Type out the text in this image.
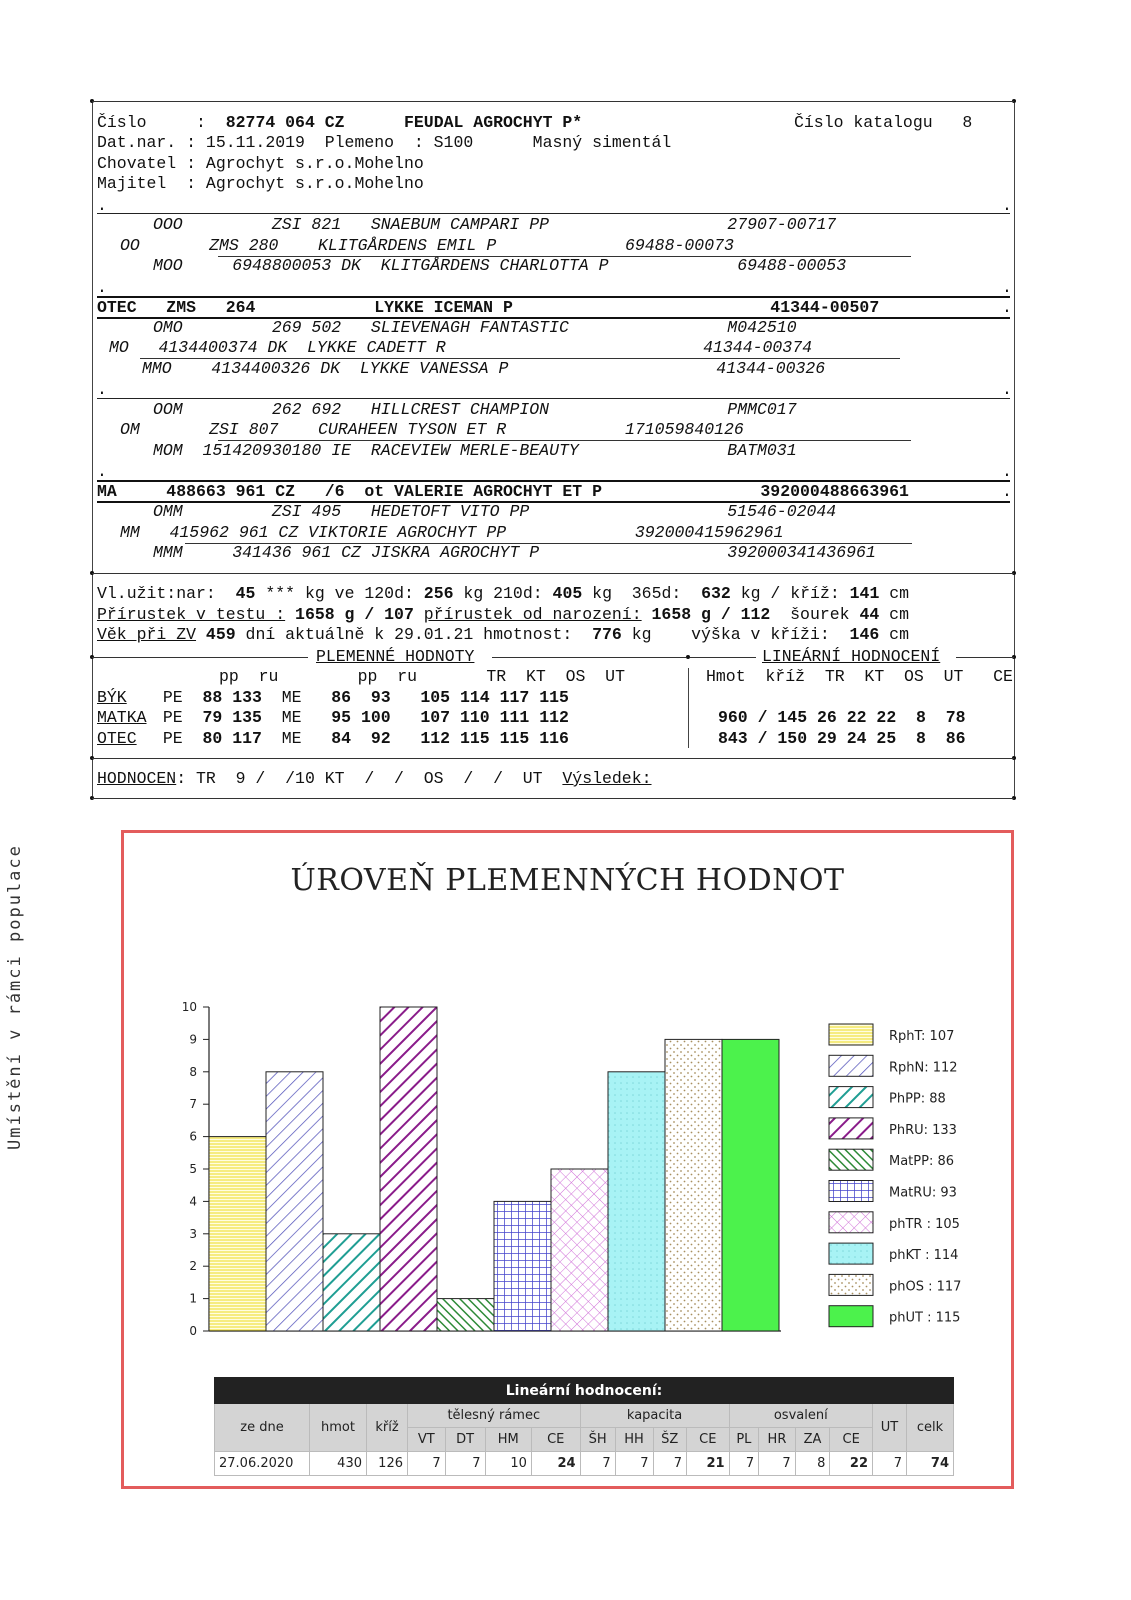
Číslo     : 82774 064 CZ	FEUDAL AGROCHYT P*	Číslo katalogu 8
Dat.nar. : 15.11.2019  Plemeno  : S100      Masný simentál
Chovatel : Agrochyt s.r.o.Mohelno
Majitel  : Agrochyt s.r.o.Mohelno
.	.
OOO         ZSI 821   SNAEBUM CAMPARI PP                  27907-00717
OO       ZMS 280    KLITGÅRDENS EMIL P             69488-00073
MOO     6948800053 DK  KLITGÅRDENS CHARLOTTA P             69488-00053
.	.
OTEC   ZMS   264            LYKKE ICEMAN P                          41344-00507	.
OMO         269 502   SLIEVENAGH FANTASTIC                M042510
MO   4134400374 DK  LYKKE CADETT R                          41344-00374
MMO    4134400326 DK  LYKKE VANESSA P                     41344-00326
.	.
OOM         262 692   HILLCREST CHAMPION                  PMMC017
OM       ZSI 807    CURAHEEN TYSON ET R            171059840126
MOM  151420930180 IE  RACEVIEW MERLE-BEAUTY               BATM031
.	.
MA     488663 961 CZ   /6  ot VALERIE AGROCHYT ET P                392000488663961	.
OMM         ZSI 495   HEDETOFT VITO PP                    51546-02044
MM   415962 961 CZ VIKTORIE AGROCHYT PP             392000415962961
MMM     341436 961 CZ JISKRA AGROCHYT P                   392000341436961
Vl.užit:nar: 45 *** kg ve 120d: 256 kg 210d: 405 kg  365d: 632 kg / kříž: 141 cm
Přírustek v testu : 1658 g / 107 přírustek od narození: 1658 g / 112  šourek 44 cm
Věk při ZV 459 dní aktuálně k 29.01.21 hmotnost:  776 kg    výška v kříži:  146 cm
PLEMENNÉ HODNOTY	LINEÁRNÍ HODNOCENÍ
pp  ru        pp  ru       TR  KT  OS  UT	Hmot  kříž  TR  KT  OS  UT   CE
BÝK PE  88 133  ME   86  93   105 114 117 115
MATKA PE  79 135  ME   95 100   107 110 111 112
OTEC PE  80 117  ME   84  92   112 115 115 116
960 / 145 26 22 22  8  78
843 / 150 29 24 25  8  86
HODNOCEN: TR  9 /  /10 KT  /  /  OS  /  /  UT  Výsledek:
ÚROVEŇ PLEMENNÝCH HODNOT
Umístění v rámci populace
0
1
2
3
4
5
6
7
8
9
10
RphT: 107
RphN: 112
PhPP: 88
PhRU: 133
MatPP: 86
MatRU: 93
phTR : 105
phKT : 114
phOS : 117
phUT : 115
Lineární hodnocení:																
ze dne	hmot	kříž	tělesný rámec				kapacita				osvalení				UT	celk
			VT	DT	HM	CE	ŠH	HH	ŠZ	CE	PL	HR	ZA	CE		
27.06.2020	430	126	7	7	10	24	7	7	7	21	7	7	8	22	7	74
